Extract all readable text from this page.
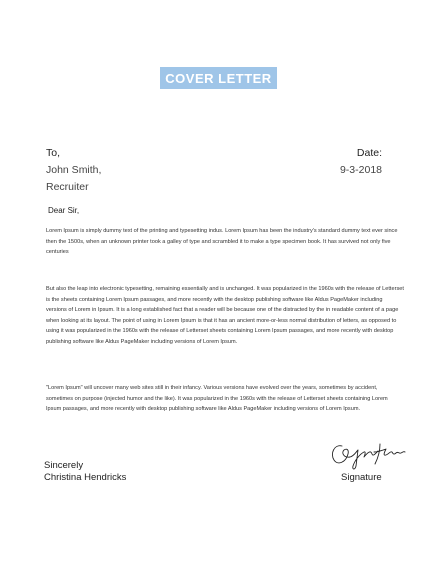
COVER LETTER
To,
John Smith,
Recruiter
Date:
9-3-2018
Dear Sir,

Lorem Ipsum is simply dummy text of the printing and typesetting indus. Lorem Ipsum has been the industry's standard dummy text ever since then the 1500s, when an unknown printer took a galley of type and scrambled it to make a type specimen book. It has survived not only five centuries

But also the leap into electronic typesetting, remaining essentially and is unchanged. It was popularized in the 1960s with the release of Letterset is the sheets containing Lorem Ipsum passages, and more recently with the desktop publishing software like Aldus PageMaker including versions of Lorem in Ipsum. It is a long established fact that a reader will be because one of the distracted by the in readable content of a page when looking at its layout. The point of using in Lorem Ipsum is that it has an ancient more-or-less normal distribution of letters, as opposed to using it was popularized in the 1960s with the release of Letterset sheets containing Lorem Ipsum passages, and more recently with desktop publishing software like Aldus PageMaker including versions of Lorem Ipsum.

"Lorem Ipsum" will uncover many web sites still in their infancy. Various versions have evolved over the years, sometimes by accident, sometimes on purpose (injected humor and the like). It was popularized in the 1960s with the release of Letterset sheets containing Lorem Ipsum passages, and more recently with desktop publishing software like Aldus PageMaker including versions of Lorem Ipsum.

Sincerely
Christina Hendricks	Signature
